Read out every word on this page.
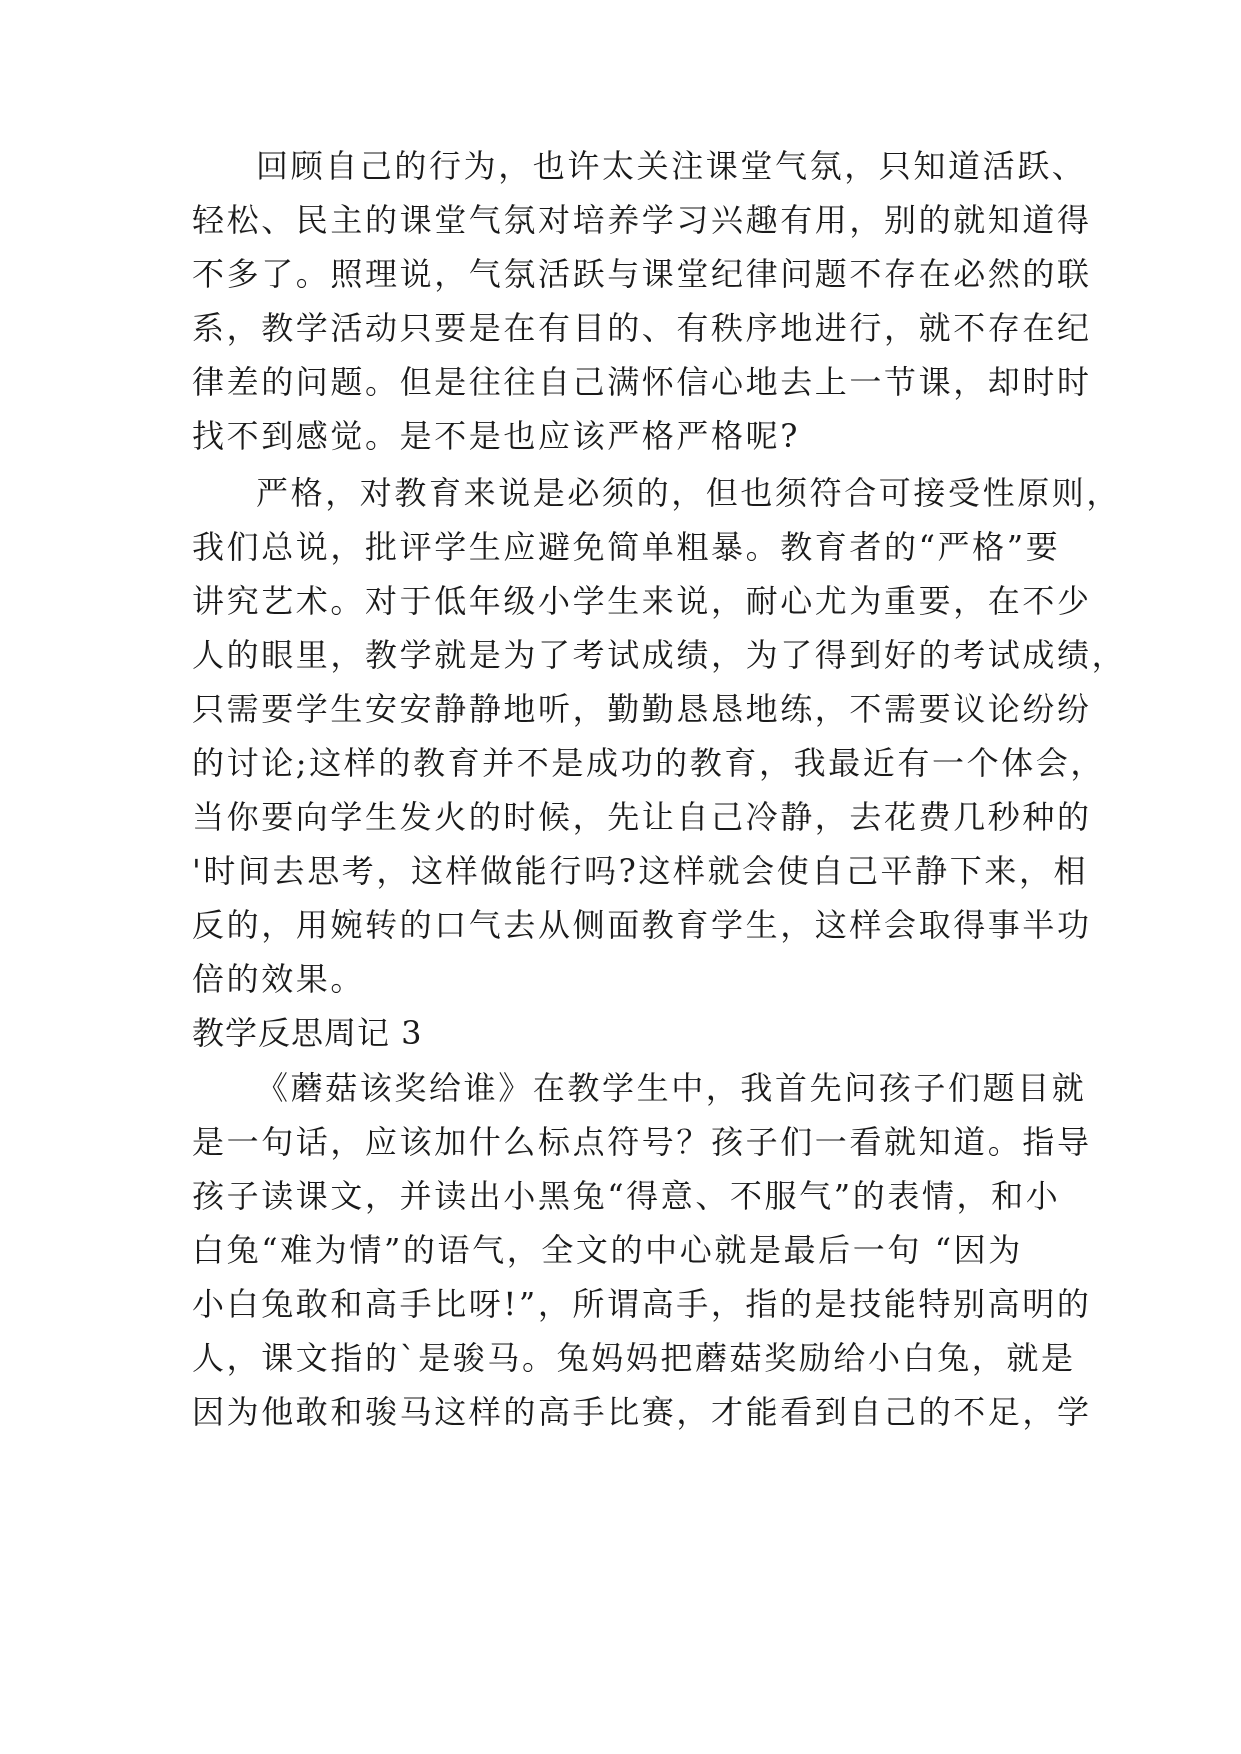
回顾自己的行为，也许太关注课堂气氛，只知道活跃、
轻松、民主的课堂气氛对培养学习兴趣有用，别的就知道得
不多了。照理说，气氛活跃与课堂纪律问题不存在必然的联
系，教学活动只要是在有目的、有秩序地进行，就不存在纪
律差的问题。但是往往自己满怀信心地去上一节课，却时时
找不到感觉。是不是也应该严格严格呢?
严格，对教育来说是必须的，但也须符合可接受性原则，
我们总说，批评学生应避免简单粗暴。教育者的“严格”要
讲究艺术。对于低年级小学生来说，耐心尤为重要，在不少
人的眼里，教学就是为了考试成绩，为了得到好的考试成绩，
只需要学生安安静静地听，勤勤恳恳地练，不需要议论纷纷
的讨论;这样的教育并不是成功的教育，我最近有一个体会，
当你要向学生发火的时候，先让自己冷静，去花费几秒种的
'时间去思考，这样做能行吗?这样就会使自己平静下来，相
反的，用婉转的口气去从侧面教育学生，这样会取得事半功
倍的效果。
教学反思周记 3
《蘑菇该奖给谁》在教学生中，我首先问孩子们题目就
是一句话，应该加什么标点符号？孩子们一看就知道。指导
孩子读课文，并读出小黑兔“得意、不服气”的表情，和小
白兔“难为情”的语气，全文的中心就是最后一句 “因为
小白兔敢和高手比呀!”，所谓高手，指的是技能特别高明的
人，课文指的`是骏马。兔妈妈把蘑菇奖励给小白兔，就是
因为他敢和骏马这样的高手比赛，才能看到自己的不足，学
